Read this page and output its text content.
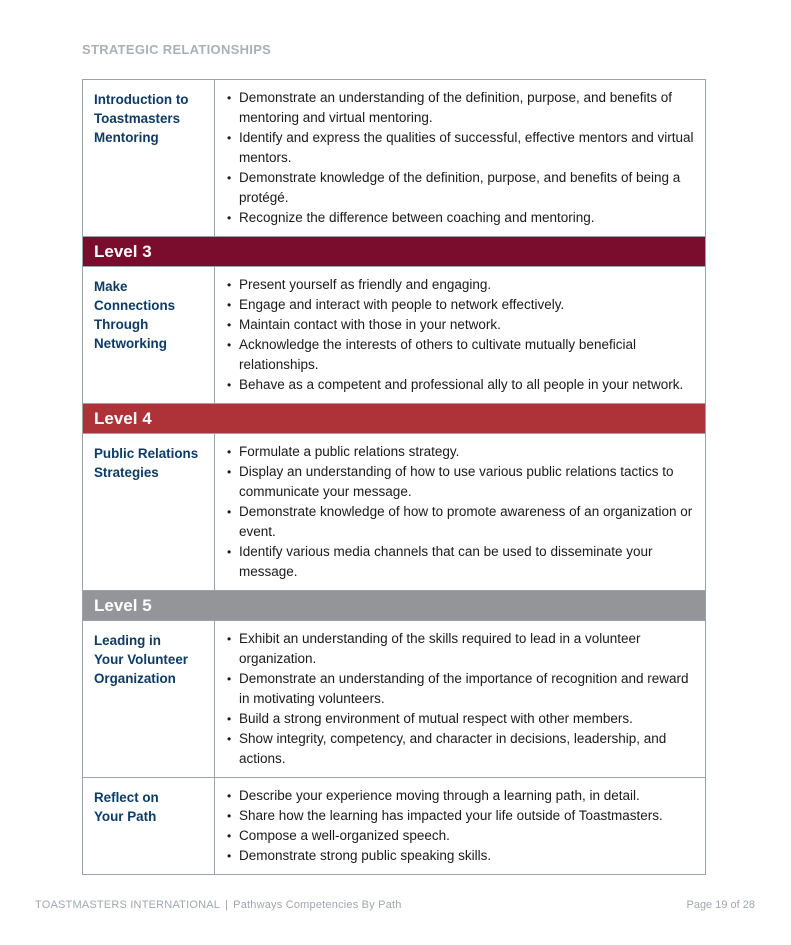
STRATEGIC RELATIONSHIPS
Introduction to
Toastmasters
Mentoring
• Demonstrate an understanding of the definition, purpose, and benefits of mentoring and virtual mentoring.
• Identify and express the qualities of successful, effective mentors and virtual mentors.
• Demonstrate knowledge of the definition, purpose, and benefits of being a protégé.
• Recognize the difference between coaching and mentoring.
Level 3
Make
Connections
Through
Networking
• Present yourself as friendly and engaging.
• Engage and interact with people to network effectively.
• Maintain contact with those in your network.
• Acknowledge the interests of others to cultivate mutually beneficial relationships.
• Behave as a competent and professional ally to all people in your network.
Level 4
Public Relations
Strategies
• Formulate a public relations strategy.
• Display an understanding of how to use various public relations tactics to communicate your message.
• Demonstrate knowledge of how to promote awareness of an organization or event.
• Identify various media channels that can be used to disseminate your message.
Level 5
Leading in
Your Volunteer
Organization
• Exhibit an understanding of the skills required to lead in a volunteer organization.
• Demonstrate an understanding of the importance of recognition and reward in motivating volunteers.
• Build a strong environment of mutual respect with other members.
• Show integrity, competency, and character in decisions, leadership, and actions.
Reflect on
Your Path
• Describe your experience moving through a learning path, in detail.
• Share how the learning has impacted your life outside of Toastmasters.
• Compose a well-organized speech.
• Demonstrate strong public speaking skills.
TOASTMASTERS INTERNATIONAL | Pathways Competencies By Path	Page 19 of 28
